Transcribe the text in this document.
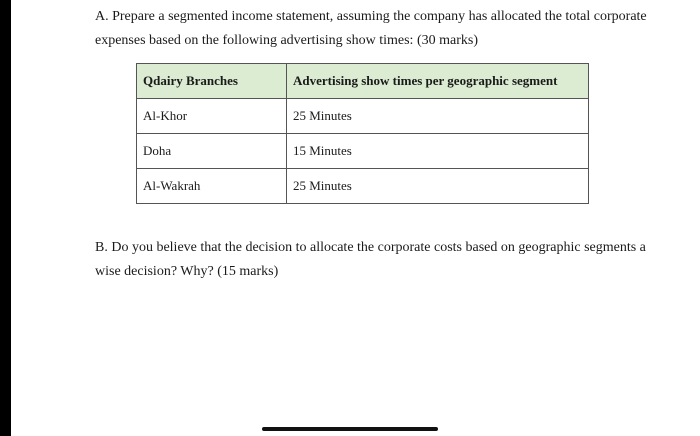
A. Prepare a segmented income statement, assuming the company has allocated the total corporate expenses based on the following advertising show times: (30 marks)

Qdairy Branches	Advertising show times per geographic segment
Al-Khor	25 Minutes
Doha	15 Minutes
Al-Wakrah	25 Minutes

B. Do you believe that the decision to allocate the corporate costs based on geographic segments a wise decision? Why? (15 marks)
